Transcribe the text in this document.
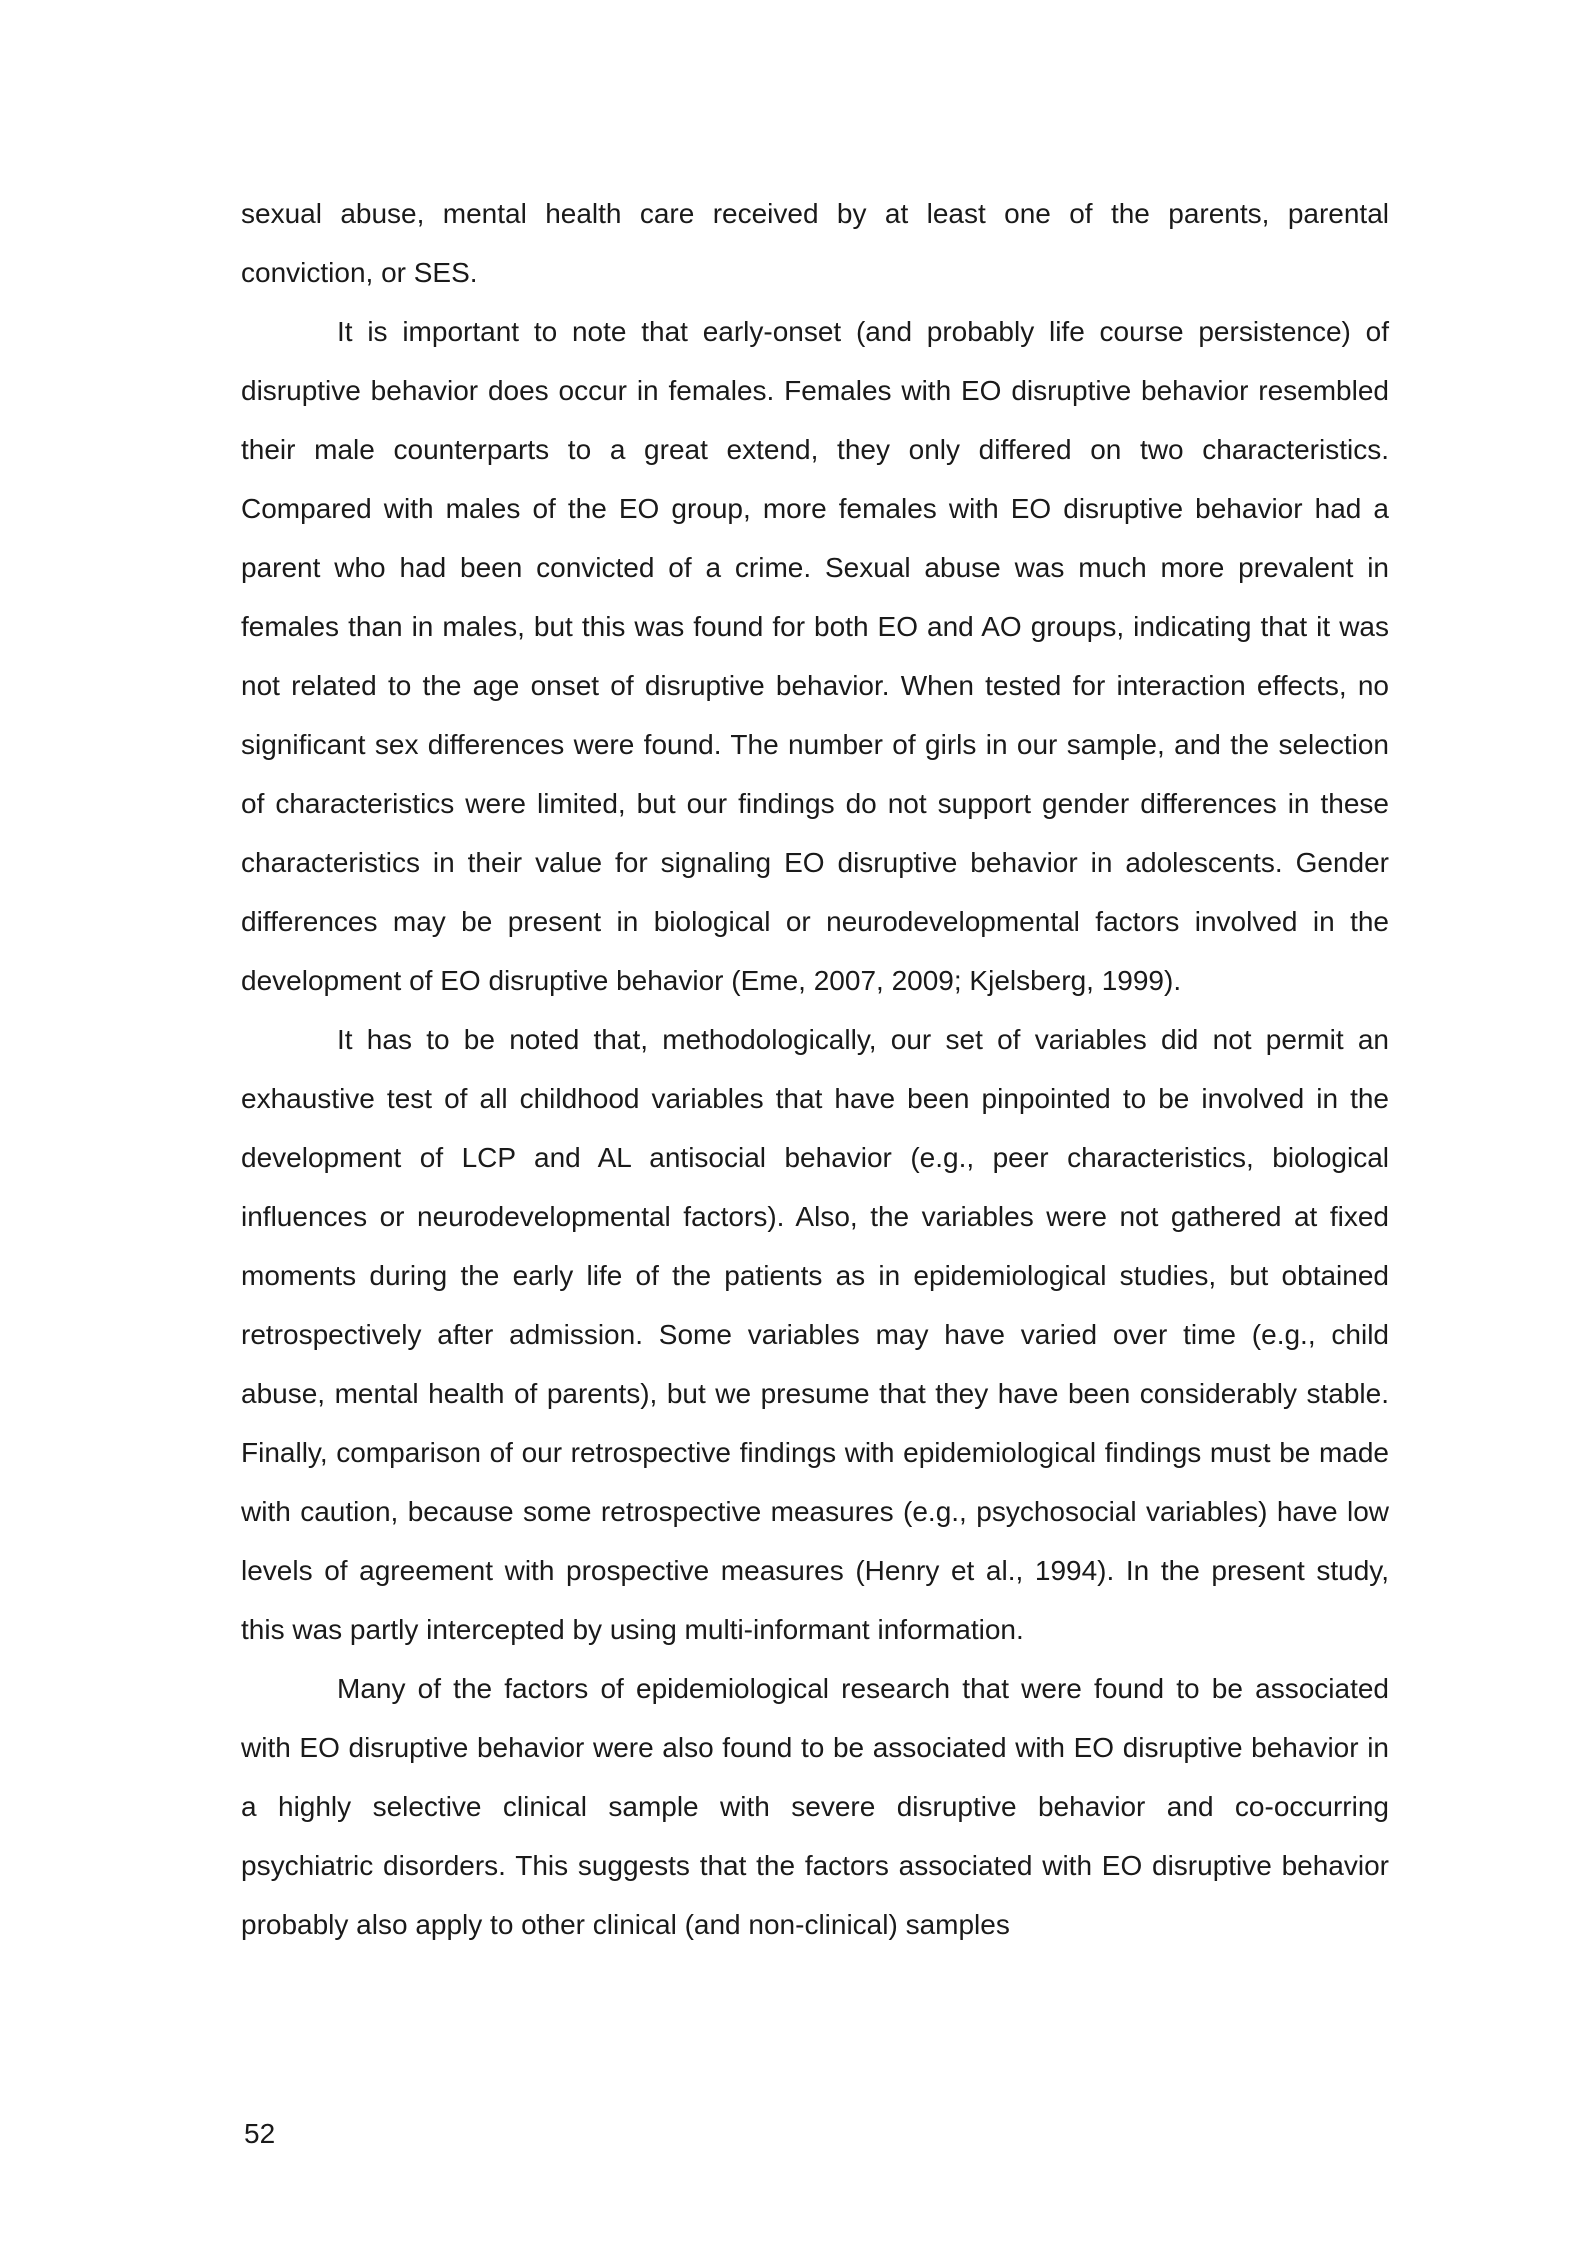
sexual abuse, mental health care received by at least one of the parents, parental conviction, or SES.

It is important to note that early-onset (and probably life course persistence) of disruptive behavior does occur in females. Females with EO disruptive behavior resembled their male counterparts to a great extend, they only differed on two characteristics. Compared with males of the EO group, more females with EO disruptive behavior had a parent who had been convicted of a crime. Sexual abuse was much more prevalent in females than in males, but this was found for both EO and AO groups, indicating that it was not related to the age onset of disruptive behavior. When tested for interaction effects, no significant sex differences were found. The number of girls in our sample, and the selection of characteristics were limited, but our findings do not support gender differences in these characteristics in their value for signaling EO disruptive behavior in adolescents. Gender differences may be present in biological or neurodevelopmental factors involved in the development of EO disruptive behavior (Eme, 2007, 2009; Kjelsberg, 1999).

It has to be noted that, methodologically, our set of variables did not permit an exhaustive test of all childhood variables that have been pinpointed to be involved in the development of LCP and AL antisocial behavior (e.g., peer characteristics, biological influences or neurodevelopmental factors). Also, the variables were not gathered at fixed moments during the early life of the patients as in epidemiological studies, but obtained retrospectively after admission. Some variables may have varied over time (e.g., child abuse, mental health of parents), but we presume that they have been considerably stable. Finally, comparison of our retrospective findings with epidemiological findings must be made with caution, because some retrospective measures (e.g., psychosocial variables) have low levels of agreement with prospective measures (Henry et al., 1994). In the present study, this was partly intercepted by using multi-informant information.

Many of the factors of epidemiological research that were found to be associated with EO disruptive behavior were also found to be associated with EO disruptive behavior in a highly selective clinical sample with severe disruptive behavior and co-occurring psychiatric disorders. This suggests that the factors associated with EO disruptive behavior probably also apply to other clinical (and non-clinical) samples

52
